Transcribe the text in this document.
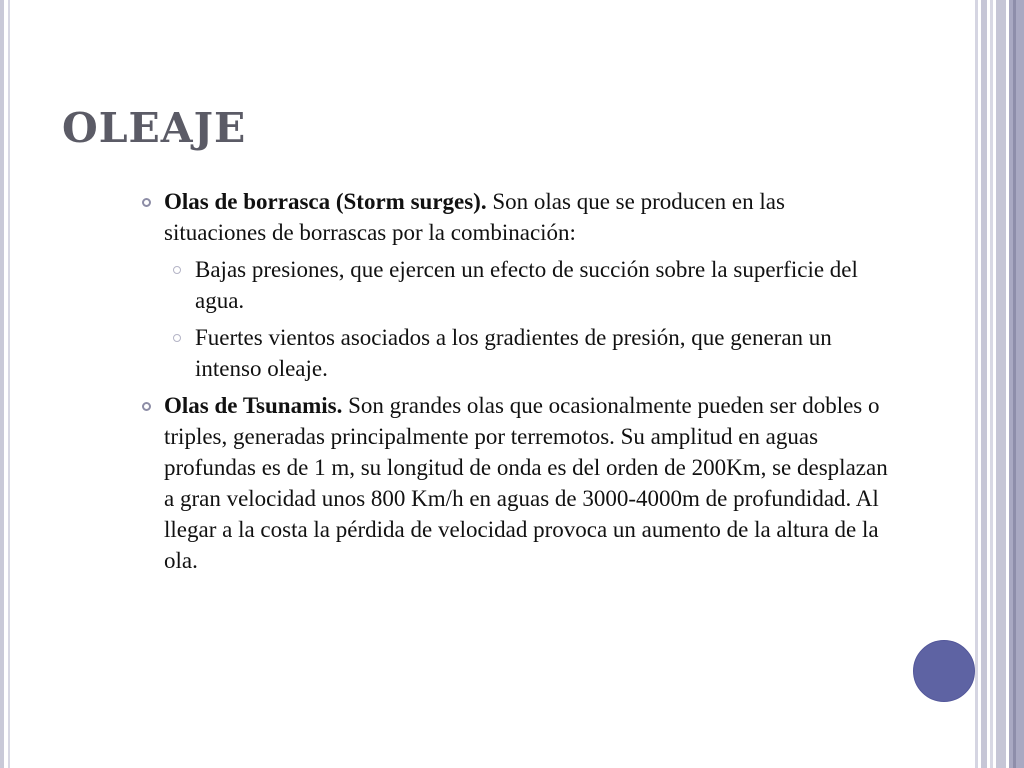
OLEAJE
Olas de borrasca (Storm surges). Son olas que se producen en las situaciones de borrascas por la combinación:
Bajas presiones, que ejercen un efecto de succión sobre la superficie del agua.
Fuertes vientos asociados a los gradientes de presión, que generan un intenso oleaje.
Olas de Tsunamis. Son grandes olas que ocasionalmente pueden ser dobles o triples, generadas principalmente por terremotos. Su amplitud en aguas profundas es de 1 m, su longitud de onda es del orden de 200Km, se desplazan a gran velocidad unos 800 Km/h en aguas de 3000-4000m de profundidad. Al llegar a la costa la pérdida de velocidad provoca un aumento de la altura de la ola.
